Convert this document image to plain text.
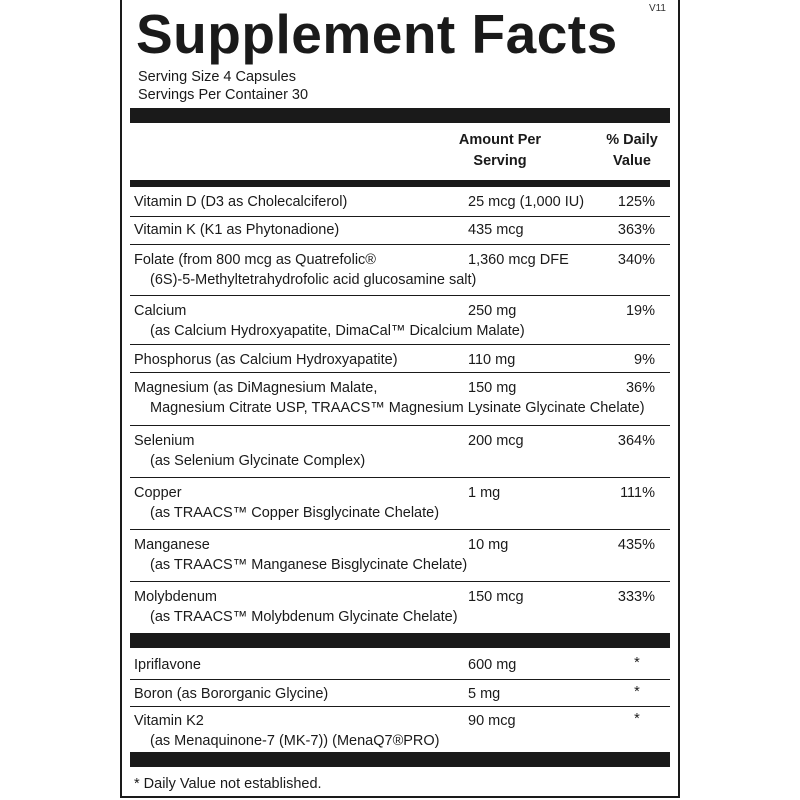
V11
Supplement Facts
Serving Size 4 Capsules
Servings Per Container 30
Amount Per
Serving
% Daily
Value
Vitamin D (D3 as Cholecalciferol)	25 mcg (1,000 IU)	125%
Vitamin K (K1 as Phytonadione)	435 mcg	363%
Folate (from 800 mcg as Quatrefolic®
(6S)-5-Methyltetrahydrofolic acid glucosamine salt)
1,360 mcg DFE	340%
Calcium
(as Calcium Hydroxyapatite, DimaCal™ Dicalcium Malate)
250 mg	19%
Phosphorus (as Calcium Hydroxyapatite)	110 mg	9%
Magnesium (as DiMagnesium Malate,
Magnesium Citrate USP, TRAACS™ Magnesium Lysinate Glycinate Chelate)
150 mg	36%
Selenium
(as Selenium Glycinate Complex)
200 mcg	364%
Copper
(as TRAACS™ Copper Bisglycinate Chelate)
1 mg	111%
Manganese
(as TRAACS™ Manganese Bisglycinate Chelate)
10 mg	435%
Molybdenum
(as TRAACS™ Molybdenum Glycinate Chelate)
150 mcg	333%
Ipriflavone	600 mg	*
Boron (as Bororganic Glycine)	5 mg	*
Vitamin K2
(as Menaquinone-7 (MK-7)) (MenaQ7®PRO)
90 mcg	*
* Daily Value not established.
